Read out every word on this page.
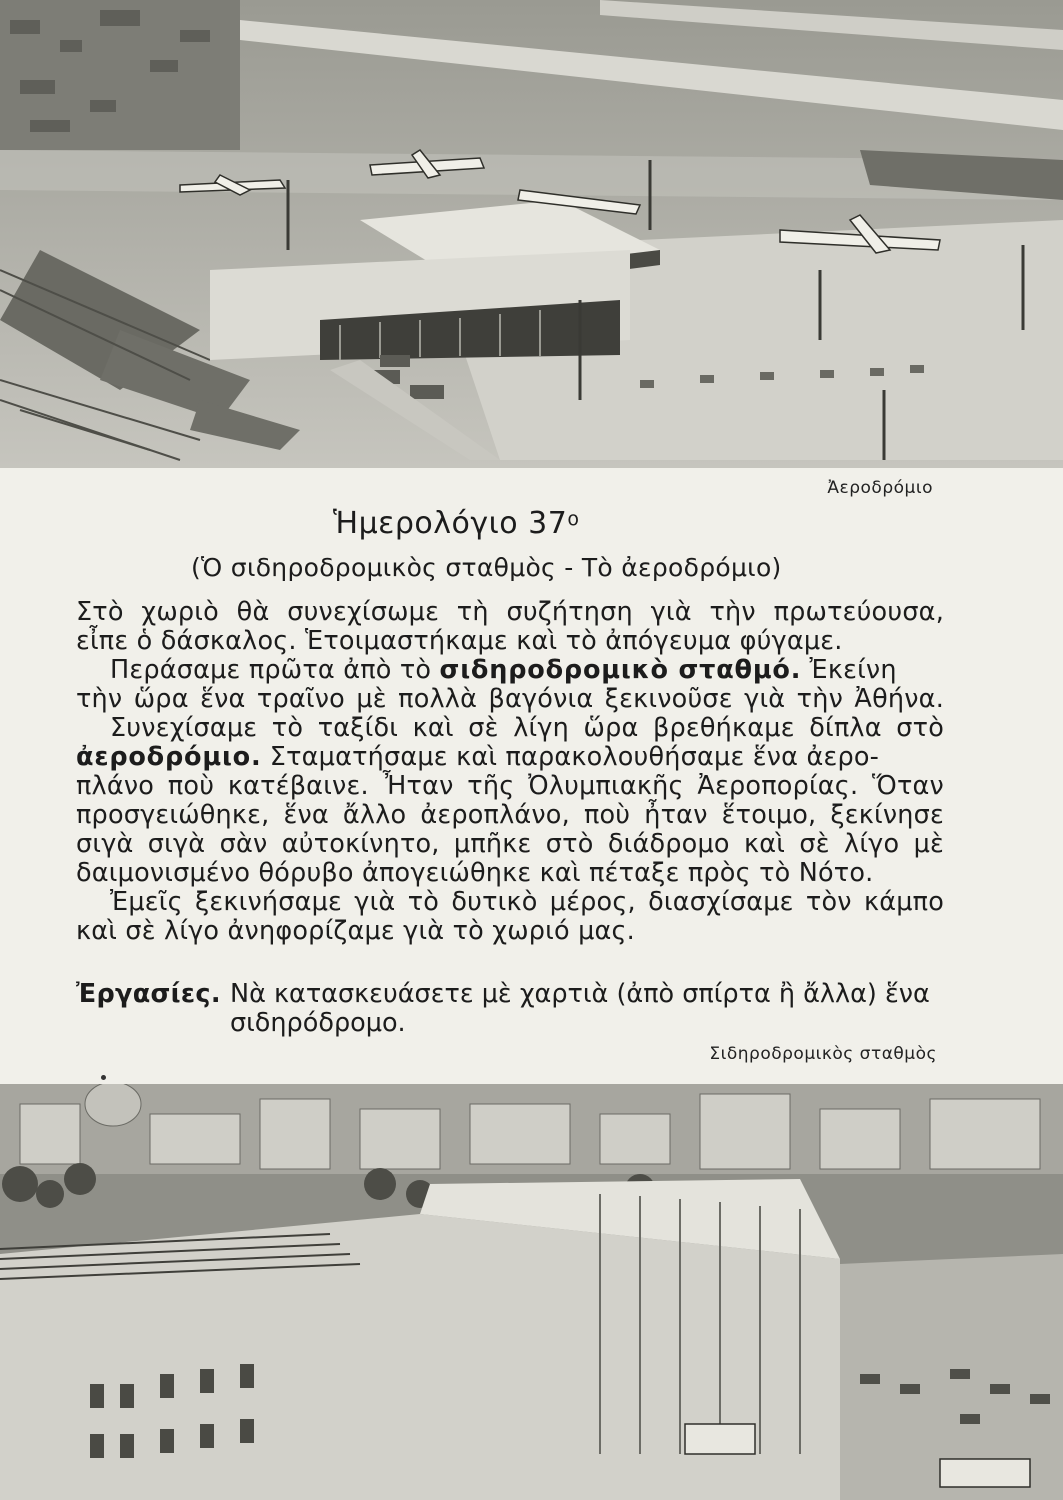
Ἀεροδρόμιο
Ἡμερολόγιο $37^o$
(Ὁ σιδηροδρομικὸς σταθμὸς - Τὸ ἀεροδρόμιο)
Στὸ χωριὸ θὰ συνεχίσωμε τὴ συζήτηση γιὰ τὴν πρωτεύουσα,
εἶπε ὁ δάσκαλος. Ἑτοιμαστήκαμε καὶ τὸ ἀπόγευμα φύγαμε.
Περάσαμε πρῶτα ἀπὸ τὸ σιδηροδρομικὸ σταθμό. Ἐκείνη
τὴν ὥρα ἕνα τραῖνο μὲ πολλὰ βαγόνια ξεκινοῦσε γιὰ τὴν Ἀθήνα.
Συνεχίσαμε τὸ ταξίδι καὶ σὲ λίγη ὥρα βρεθήκαμε δίπλα στὸ
ἀεροδρόμιο. Σταματήσαμε καὶ παρακολουθήσαμε ἕνα ἀερο-
πλάνο ποὺ κατέβαινε. Ἦταν τῆς Ὀλυμπιακῆς Ἀεροπορίας. Ὅταν
προσγειώθηκε, ἕνα ἄλλο ἀεροπλάνο, ποὺ ἦταν ἕτοιμο, ξεκίνησε
σιγὰ σιγὰ σὰν αὐτοκίνητο, μπῆκε στὸ διάδρομο καὶ σὲ λίγο μὲ
δαιμονισμένο θόρυβο ἀπογειώθηκε καὶ πέταξε πρὸς τὸ Νότο.
Ἐμεῖς ξεκινήσαμε γιὰ τὸ δυτικὸ μέρος, διασχίσαμε τὸν κάμπο
καὶ σὲ λίγο ἀνηφορίζαμε γιὰ τὸ χωριό μας.
Ἐργασίες. Νὰ κατασκευάσετε μὲ χαρτιὰ (ἀπὸ σπίρτα ἢ ἄλλα) ἕνα
σιδηρόδρομο.
Σιδηροδρομικὸς σταθμὸς
